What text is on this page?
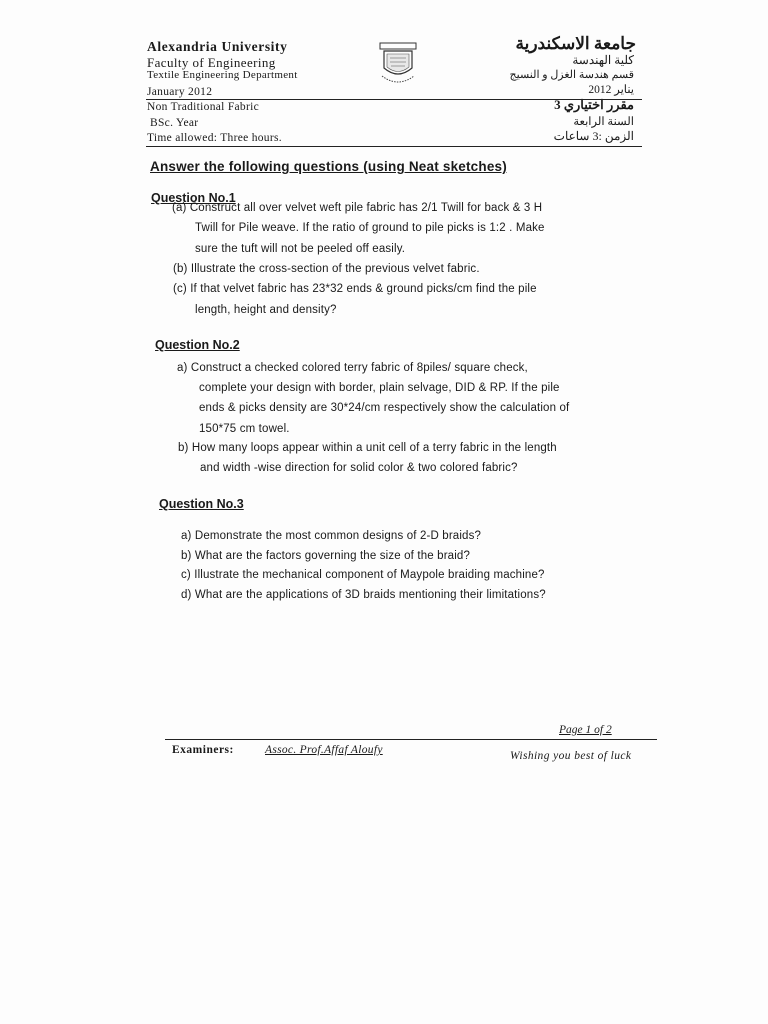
Alexandria University
Faculty of Engineering
Textile Engineering Department
January 2012
Non Traditional Fabric
BSc. Year
Time allowed: Three hours.
جامعة الاسكندرية
كلية الهندسة
قسم هندسة الغزل و النسيج
يناير 2012
مقرر اختياري 3
السنة الرابعة
الزمن :3 ساعات
Answer the following questions (using Neat sketches)
Question No.1
(a) Construct all over velvet weft pile fabric has 2/1 Twill for back & 3 H
Twill for Pile weave. If the ratio of ground to pile picks is 1:2 . Make
sure the tuft will not be peeled off easily.
(b) Illustrate the cross-section of the previous velvet fabric.
(c) If that velvet fabric has 23*32 ends & ground picks/cm find the pile
length, height and density?
Question No.2
a) Construct a checked colored terry fabric of 8piles/ square check,
complete your design with border, plain selvage, DID & RP. If the pile
ends & picks density are 30*24/cm respectively show the calculation of
150*75 cm towel.
b) How many loops appear within a unit cell of a terry fabric in the length
and width -wise direction for solid color & two colored fabric?
Question No.3
a) Demonstrate the most common designs of 2-D braids?
b) What are the factors governing the size of the braid?
c) Illustrate the mechanical component of Maypole braiding machine?
d) What are the applications of 3D braids mentioning their limitations?
Page 1 of 2
Examiners:	Assoc. Prof.Affaf Aloufy	Wishing you best of luck
